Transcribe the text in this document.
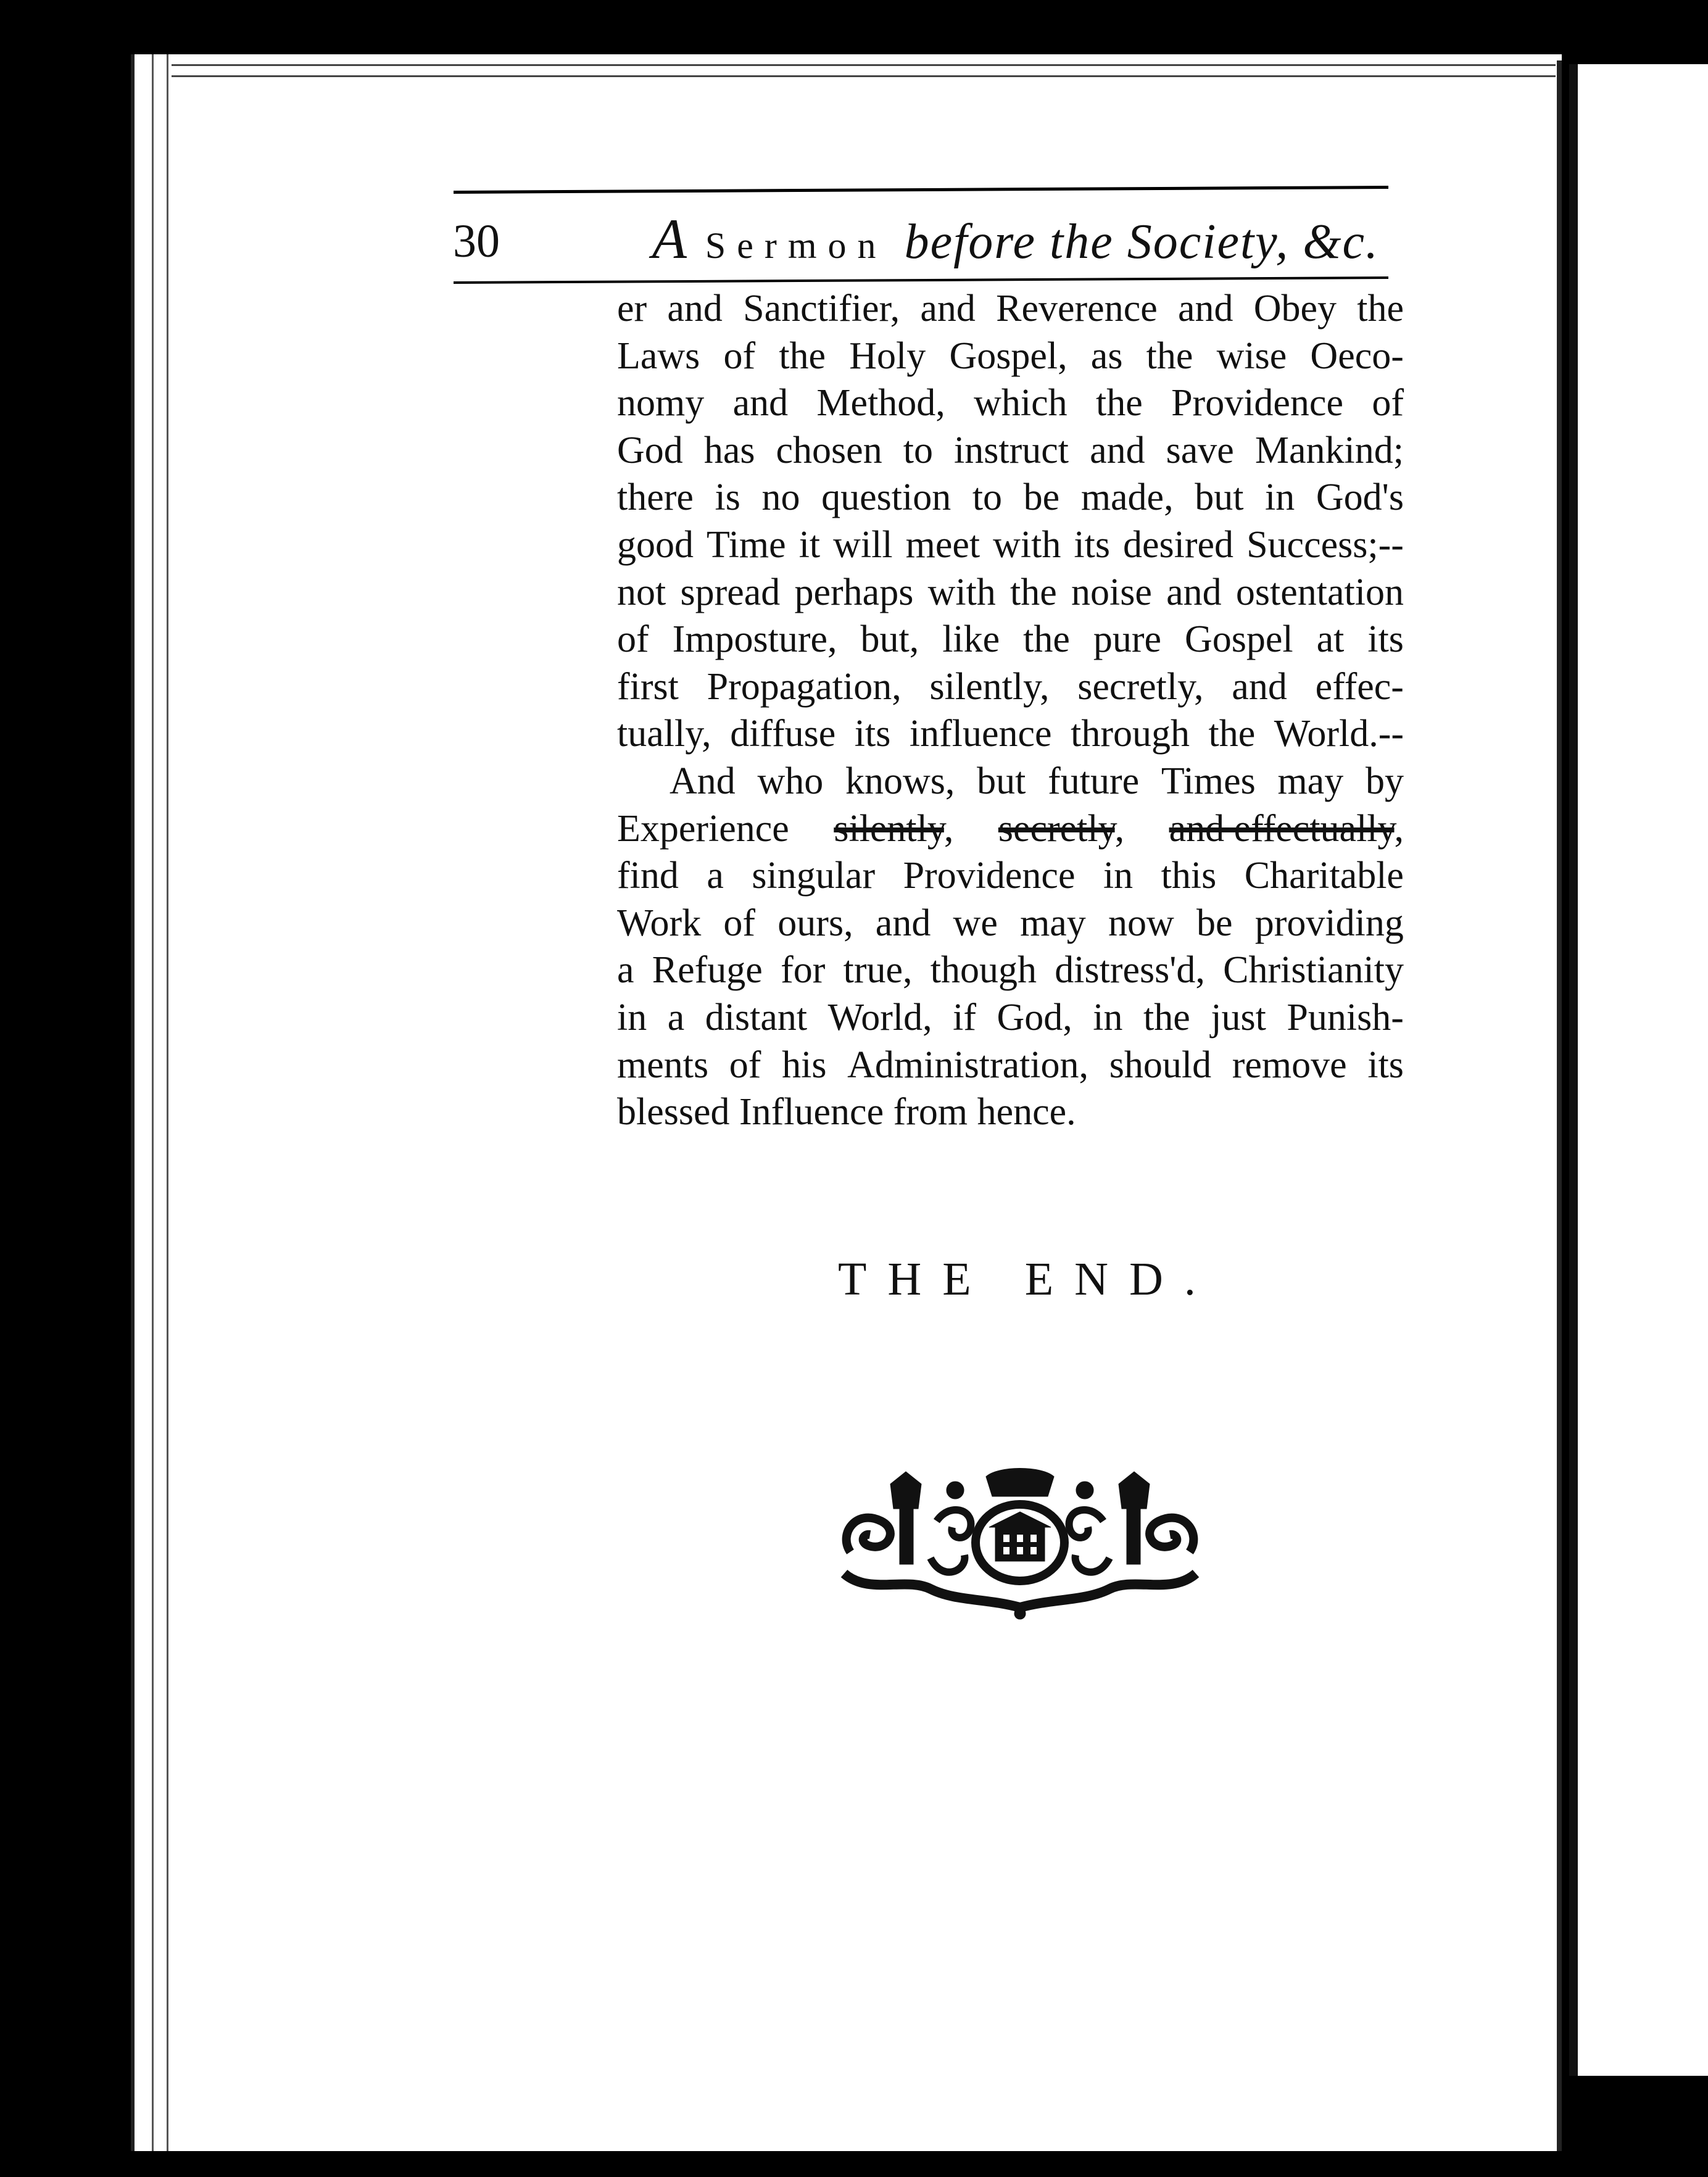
30	A Sermon before the Society, &c.
er and Sanctifier, and Reverence and Obey the
Laws of the Holy Gospel, as the wise Oeco-
nomy and Method, which the Providence of
God has chosen to instruct and save Mankind;
there is no question to be made, but in God's
good Time it will meet with its desired Success;--
not spread perhaps with the noise and ostentation
of Imposture, but, like the pure Gospel at its
first Propagation, silently, secretly, and effec-
tually, diffuse its influence through the World.--
And who knows, but future Times may by
Experience silently, secretly, and effectually,
find a singular Providence in this Charitable
Work of ours, and we may now be providing
a Refuge for true, though distress'd, Christianity
in a distant World, if God, in the just Punish-
ments of his Administration, should remove its
blessed Influence from hence.
THE END.
